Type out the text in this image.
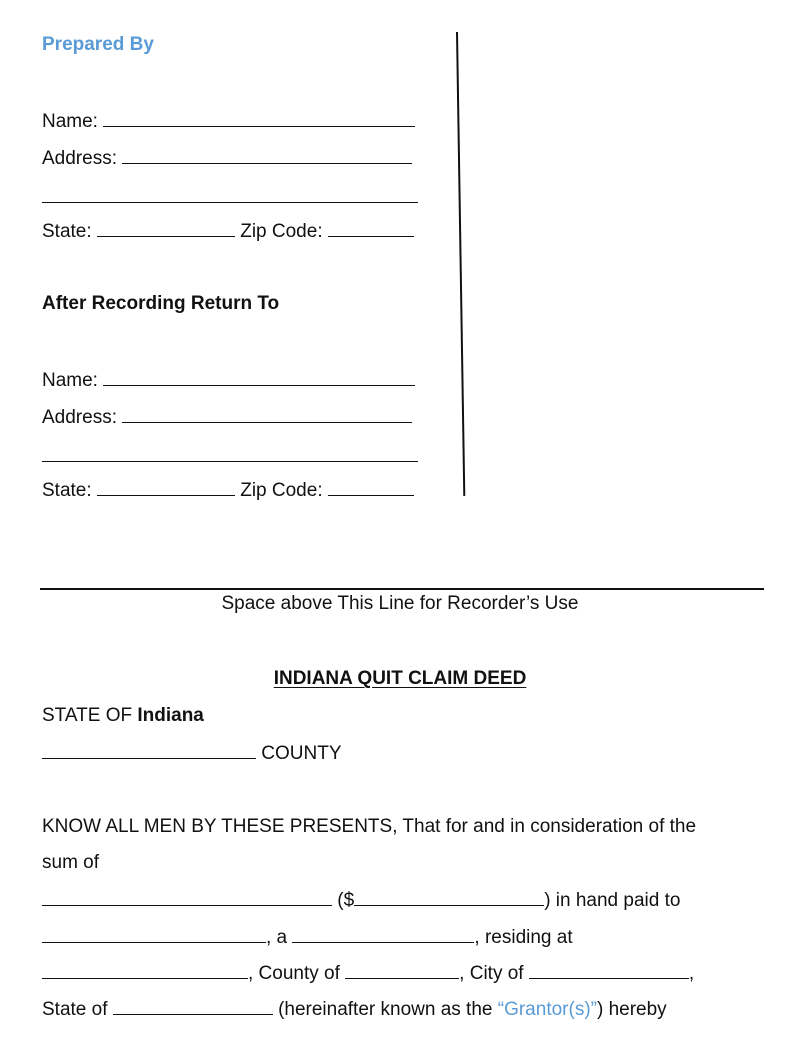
Prepared By
Name:
Address:
State:	Zip Code:
After Recording Return To
Name:
Address:
State:	Zip Code:
Space above This Line for Recorder’s Use
INDIANA QUIT CLAIM DEED
STATE OF Indiana
COUNTY
KNOW ALL MEN BY THESE PRESENTS, That for and in consideration of the
sum of
($	) in hand paid to
, a	, residing at
, County of	, City of	,
State of	(hereinafter known as the “Grantor(s)”) hereby
